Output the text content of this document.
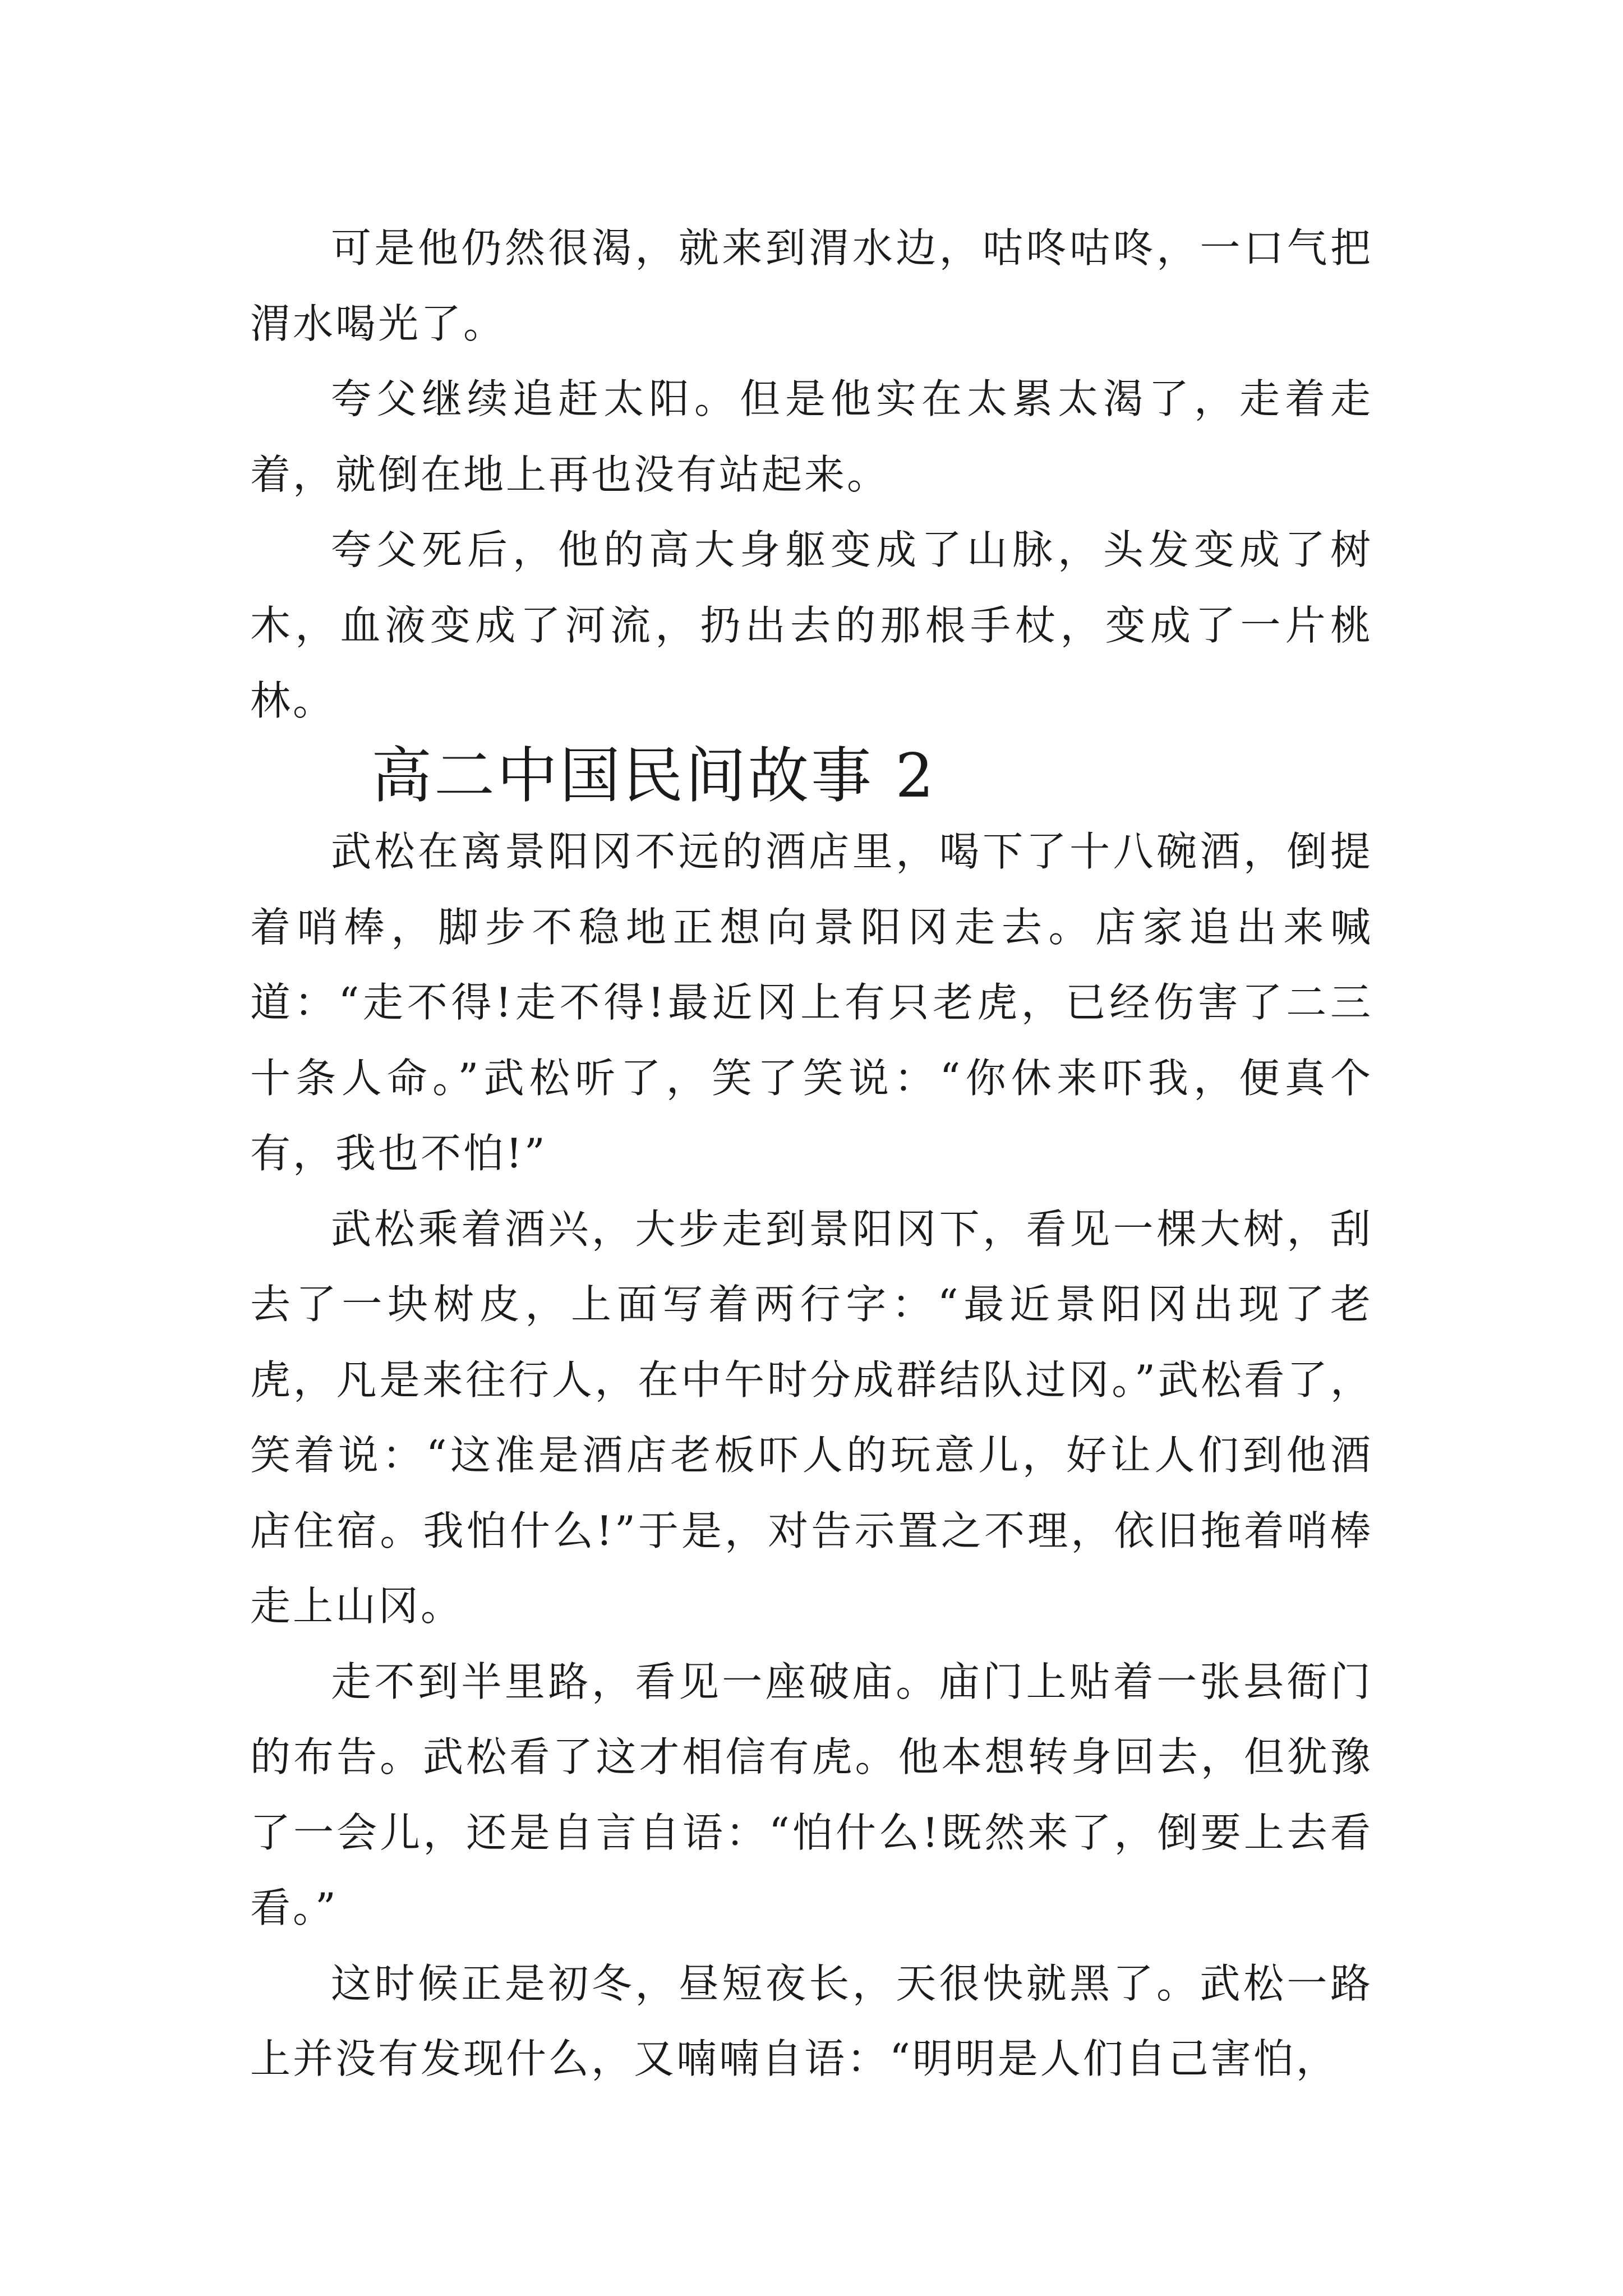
可是他仍然很渴，就来到渭水边，咕咚咕咚，一口气把渭水喝光了。

夸父继续追赶太阳。但是他实在太累太渴了，走着走着，就倒在地上再也没有站起来。

夸父死后，他的高大身躯变成了山脉，头发变成了树木，血液变成了河流，扔出去的那根手杖，变成了一片桃林。

高二中国民间故事 2

武松在离景阳冈不远的酒店里，喝下了十八碗酒，倒提着哨棒，脚步不稳地正想向景阳冈走去。店家追出来喊道：“走不得!走不得!最近冈上有只老虎，已经伤害了二三十条人命。”武松听了，笑了笑说：“你休来吓我，便真个有，我也不怕!”

武松乘着酒兴，大步走到景阳冈下，看见一棵大树，刮去了一块树皮，上面写着两行字：“最近景阳冈出现了老虎，凡是来往行人，在中午时分成群结队过冈。”武松看了，笑着说：“这准是酒店老板吓人的玩意儿，好让人们到他酒店住宿。我怕什么!”于是，对告示置之不理，依旧拖着哨棒走上山冈。

走不到半里路，看见一座破庙。庙门上贴着一张县衙门的布告。武松看了这才相信有虎。他本想转身回去，但犹豫了一会儿，还是自言自语：“怕什么!既然来了，倒要上去看看。”

这时候正是初冬，昼短夜长，天很快就黑了。武松一路上并没有发现什么，又喃喃自语：“明明是人们自己害怕，
